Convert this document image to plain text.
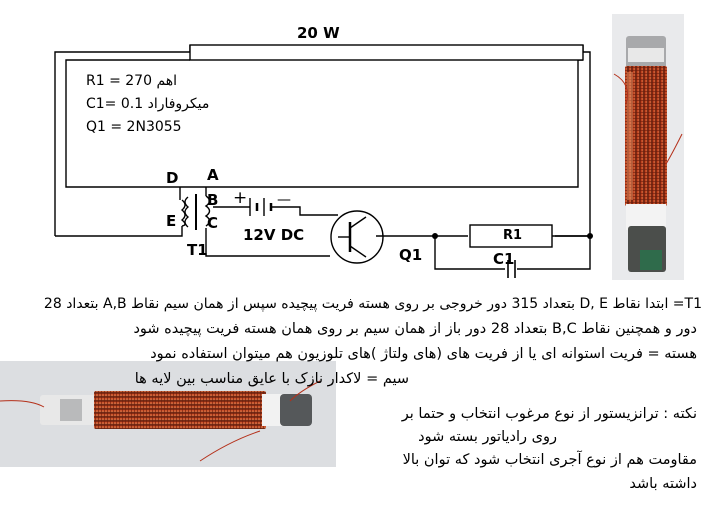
20 W
R1 = 270 اهم
C1= 0.1 میکروفاراد
Q1 = 2N3055
D A
B
E C
T1
+ —
12V DC
Q1
R1
C1
T1= ابتدا نقاط D, E بتعداد 315 دور خروجی بر روی هسته فریت پیچیده سپس از همان سیم نقاط A,B بتعداد 28
دور و همچنین نقاط B,C بتعداد 28 دور باز از همان سیم بر روی همان هسته فریت پیچیده شود
هسته = فریت استوانه ای یا از فریت های (های ولتاژ )های تلوزیون هم میتوان استفاده نمود
سیم = لاکدار نازک با عایق مناسب بین لایه ها
نکته : ترانزیستور از نوع مرغوب انتخاب و حتما بر
روی رادیاتور بسته شود
مقاومت هم از نوع آجری انتخاب شود که توان بالا
داشته باشد
